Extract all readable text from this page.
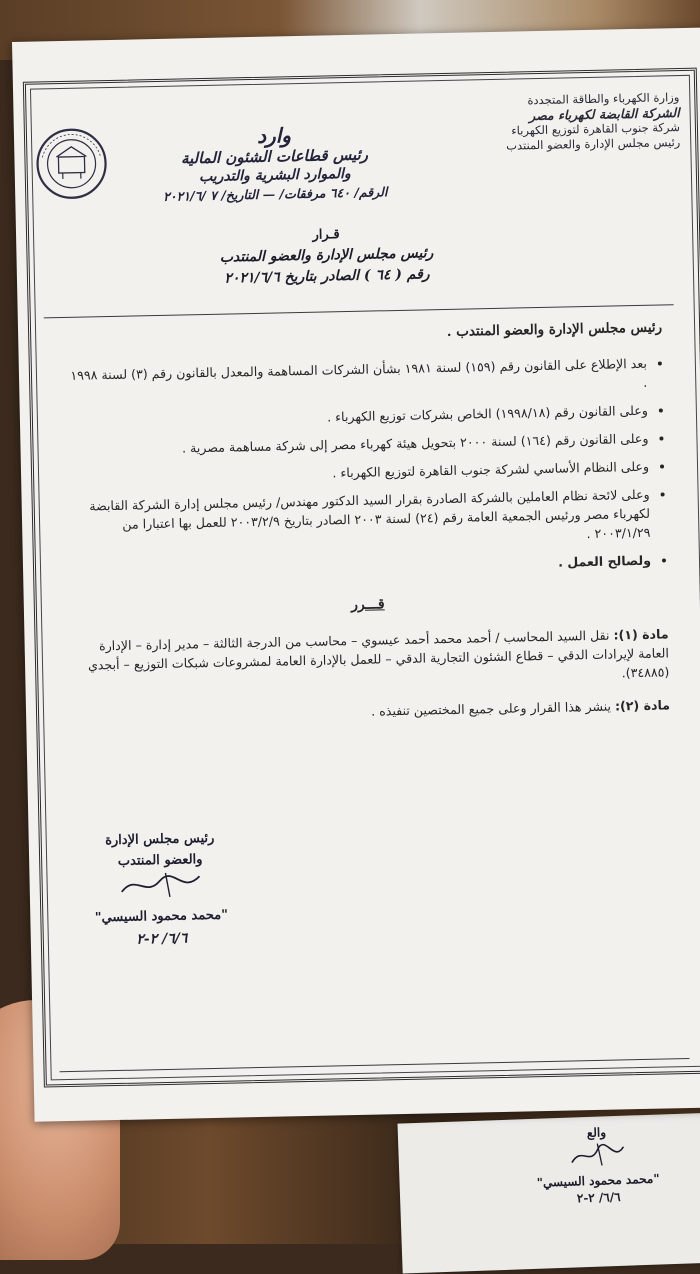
والع
"محمد محمود السيسي"
٦/٦/ ٢-٢
وزارة الكهرباء والطاقة المتجددة
الشركة القابضة لكهرباء مصر
شركة جنوب القاهرة لتوزيع الكهرباء
رئيس مجلس الإدارة والعضو المنتدب
وارد
رئيس قطاعات الشئون المالية
والموارد البشرية والتدريب
الرقم/ ٦٤٠ مرفقات/ — التاريخ/ ٧ /٢٠٢١/٦
قـرار
رئيس مجلس الإدارة والعضو المنتدب
رقم ( ٦٤ ) الصادر بتاريخ ٢٠٢١/٦/٦
رئيس مجلس الإدارة والعضو المنتدب .
• بعد الإطلاع على القانون رقم (١٥٩) لسنة ١٩٨١ بشأن الشركات المساهمة والمعدل بالقانون رقم (٣) لسنة ١٩٩٨ .
• وعلى القانون رقم (١٩٩٨/١٨) الخاص بشركات توزيع الكهرباء .
• وعلى القانون رقم (١٦٤) لسنة ٢٠٠٠ بتحويل هيئة كهرباء مصر إلى شركة مساهمة مصرية .
• وعلى النظام الأساسي لشركة جنوب القاهرة لتوزيع الكهرباء .
• وعلى لائحة نظام العاملين بالشركة الصادرة بقرار السيد الدكتور مهندس/ رئيس مجلس إدارة الشركة القابضة لكهرباء مصر ورئيس الجمعية العامة رقم (٢٤) لسنة ٢٠٠٣ الصادر بتاريخ ٢٠٠٣/٢/٩ للعمل بها اعتبارا من ٢٠٠٣/١/٢٩ .
• ولصالح العمل .
قـــرر
مادة (١): نقل السيد المحاسب / أحمد محمد أحمد عيسوي – محاسب من الدرجة الثالثة – مدير إدارة – الإدارة العامة لإيرادات الدقي – قطاع الشئون التجارية الدقي – للعمل بالإدارة العامة لمشروعات شبكات التوزيع – أبجدي (٣٤٨٨٥).
مادة (٢): ينشر هذا القرار وعلى جميع المختصين تنفيذه .
رئيس مجلس الإدارة
والعضو المنتدب
"محمد محمود السيسي"
٦/٦/ ٢-٢
